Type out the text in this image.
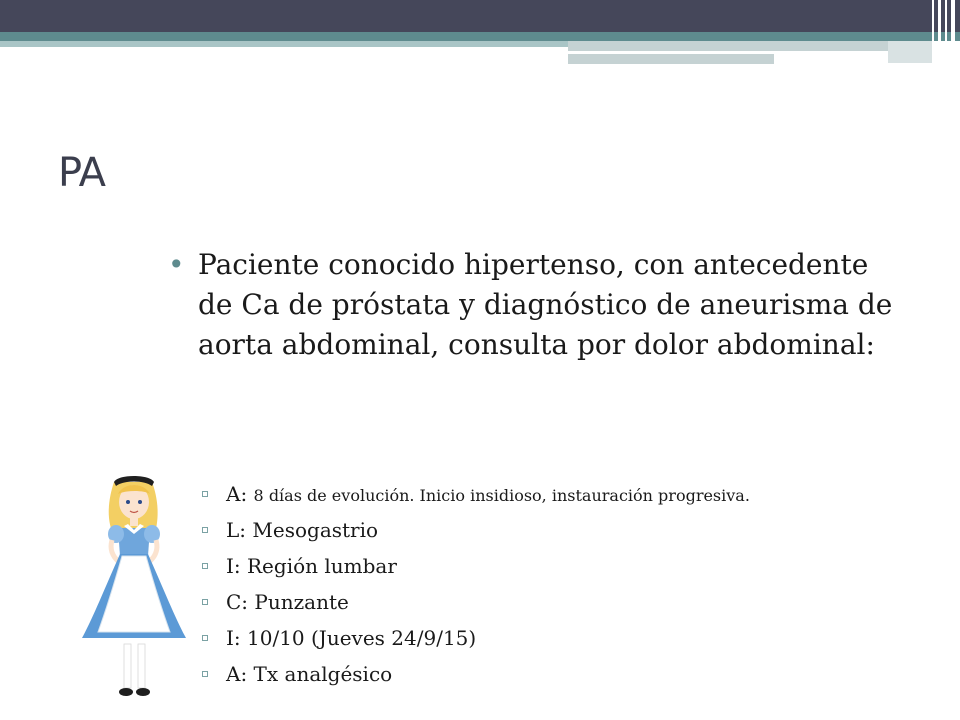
PA
• Paciente conocido hipertenso, con antecedente de Ca de próstata y diagnóstico de aneurisma de aorta abdominal, consulta por dolor abdominal:
A: 8 días de evolución. Inicio insidioso, instauración progresiva.
L: Mesogastrio
I: Región lumbar
C: Punzante
I: 10/10 (Jueves 24/9/15)
A: Tx analgésico
